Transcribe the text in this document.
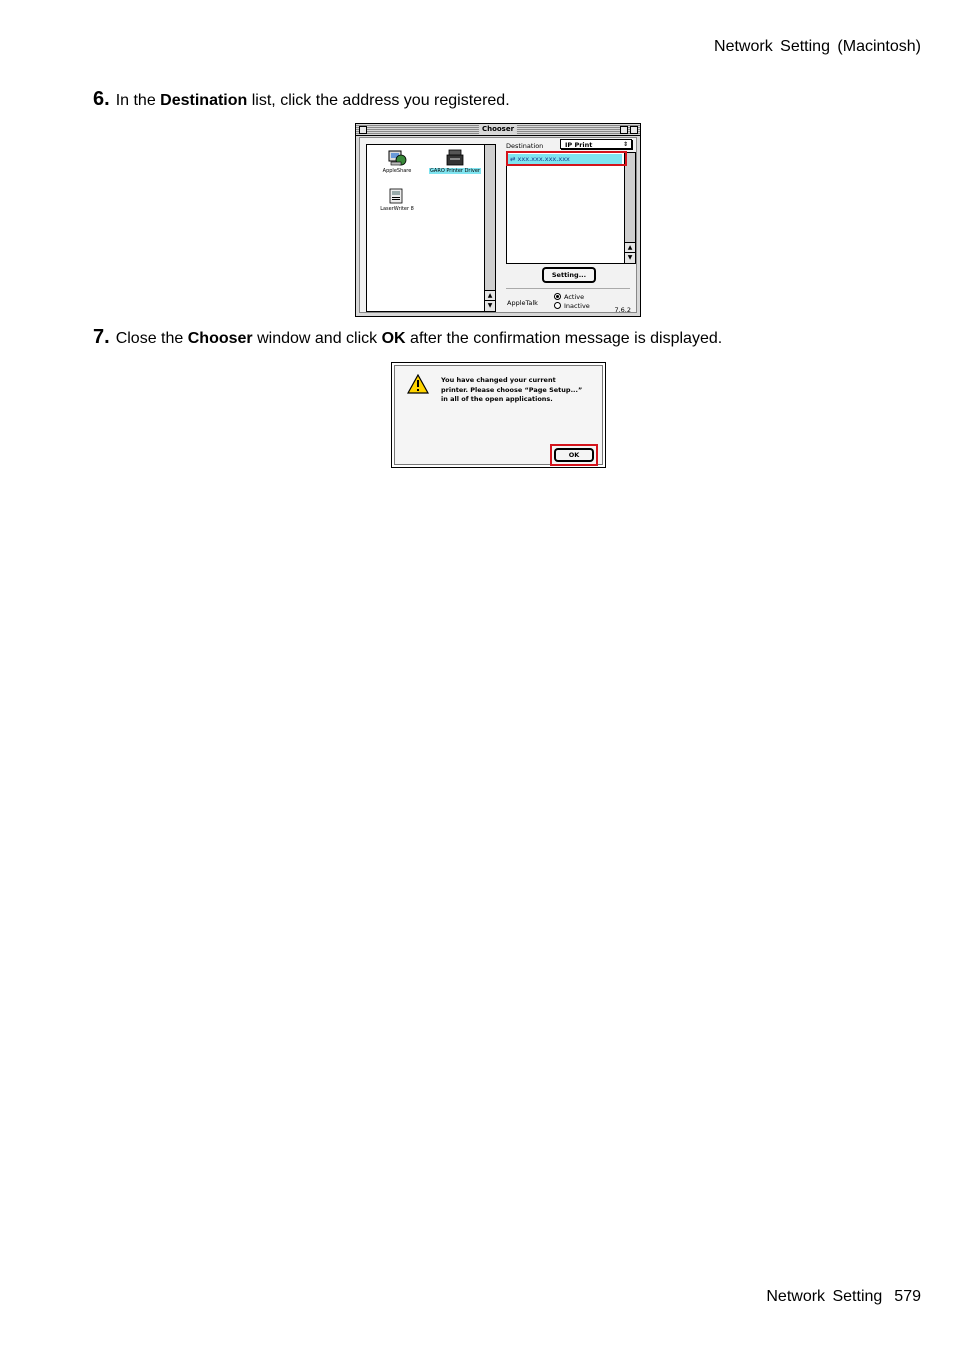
Network Setting (Macintosh)
6. In the Destination list, click the address you registered.
Chooser
AppleShare	GARO Printer Driver
LaserWriter 8
▲
▼
Destination	IP Print	⇕
⇄ xxx.xxx.xxx.xxx
▲
▼
Setting...
AppleTalk
Active
Inactive	7.6.2
7. Close the Chooser window and click OK after the confirmation message is displayed.
You have changed your current
printer. Please choose “Page Setup...”
in all of the open applications.
OK
Network Setting 579
